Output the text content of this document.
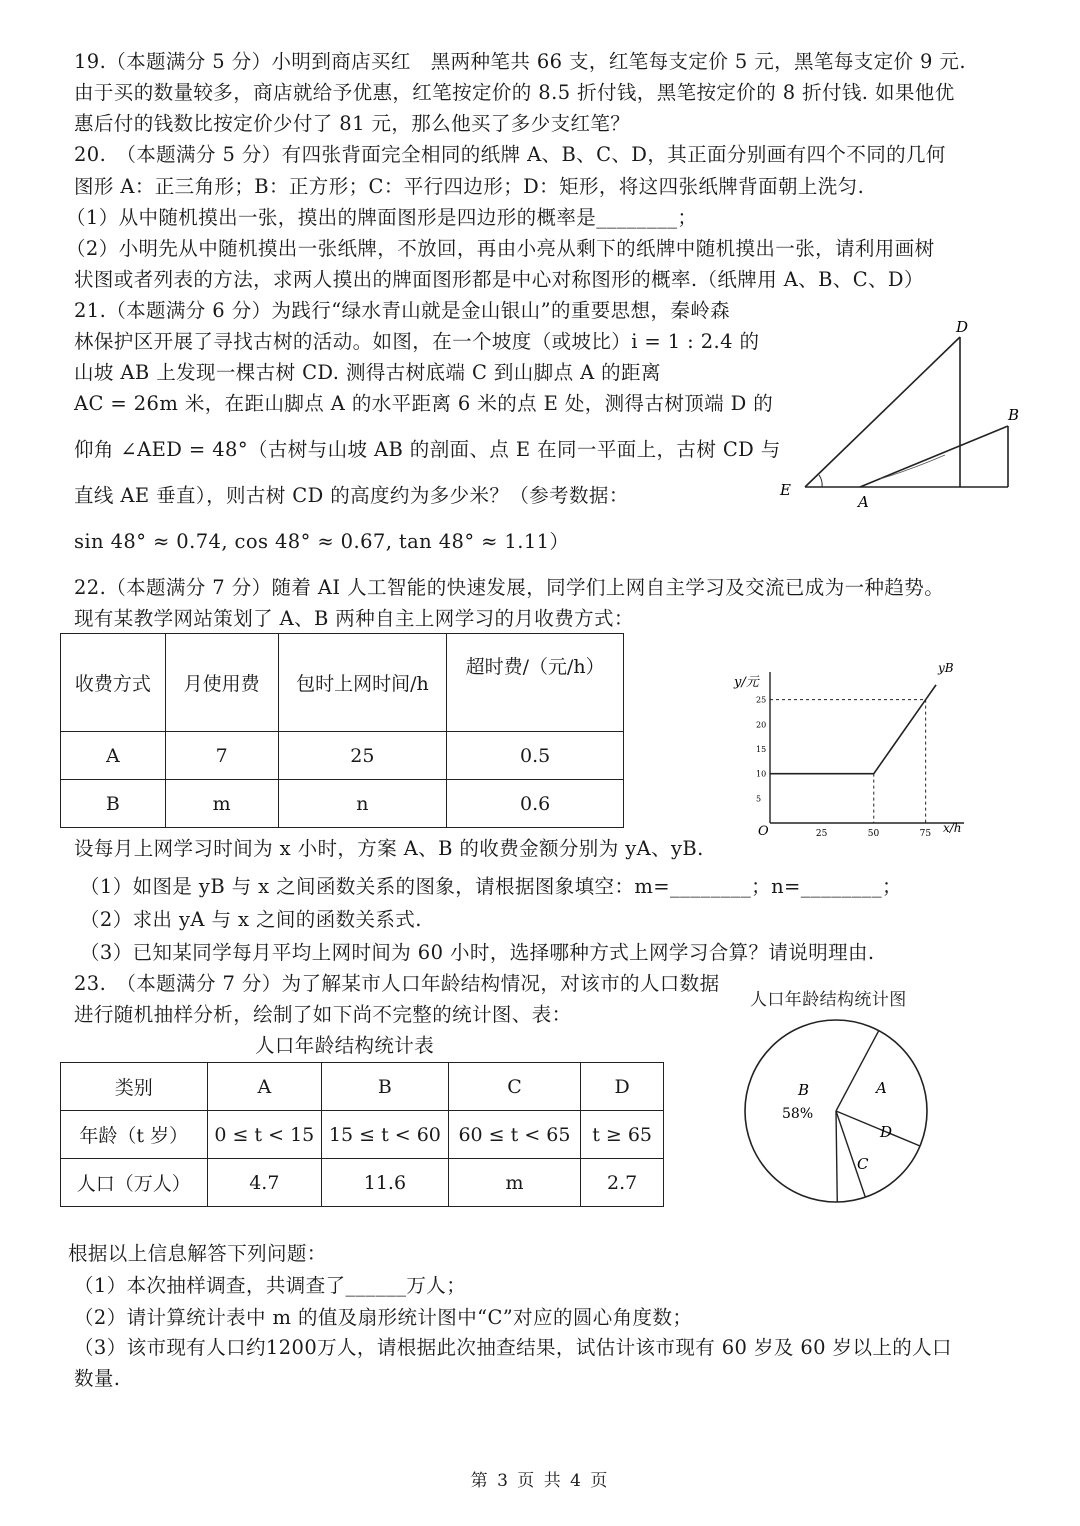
19.（本题满分 5 分）小明到商店买红　黑两种笔共 66 支，红笔每支定价 5 元，黑笔每支定价 9 元.
由于买的数量较多，商店就给予优惠，红笔按定价的 8.5 折付钱，黑笔按定价的 8 折付钱. 如果他优
惠后付的钱数比按定价少付了 81 元，那么他买了多少支红笔？
20.　（本题满分 5 分）有四张背面完全相同的纸牌 A、B、C、D，其正面分别画有四个不同的几何
图形 A：正三角形；B：正方形；C：平行四边形；D：矩形，将这四张纸牌背面朝上洗匀.
（1）从中随机摸出一张，摸出的牌面图形是四边形的概率是________；
（2）小明先从中随机摸出一张纸牌，不放回，再由小亮从剩下的纸牌中随机摸出一张，请利用画树
状图或者列表的方法，求两人摸出的牌面图形都是中心对称图形的概率.（纸牌用 A、B、C、D）
21.（本题满分 6 分）为践行“绿水青山就是金山银山”的重要思想，秦岭森
林保护区开展了寻找古树的活动。如图，在一个坡度（或坡比）i = 1 : 2.4 的
山坡 AB 上发现一棵古树 CD. 测得古树底端 C 到山脚点 A 的距离
AC = 26m 米，在距山脚点 A 的水平距离 6 米的点 E 处，测得古树顶端 D 的
仰角 ∠AED = 48°（古树与山坡 AB 的剖面、点 E 在同一平面上，古树 CD 与
直线 AE 垂直），则古树 CD 的高度约为多少米？（参考数据：
sin 48° ≈ 0.74, cos 48° ≈ 0.67, tan 48° ≈ 1.11）
D
B
E
A
22.（本题满分 7 分）随着 AI 人工智能的快速发展，同学们上网自主学习及交流已成为一种趋势。
现有某教学网站策划了 A、B 两种自主上网学习的月收费方式：
收费方式	月使用费	包时上网时间/h	超时费/（元/h）
A	7	25	0.5
B	m	n	0.6
y/元
x/h
O
5
10
15
20
25
25	50	75
yB
设每月上网学习时间为 x 小时，方案 A、B 的收费金额分别为 yA、yB.
（1）如图是 yB 与 x 之间函数关系的图象，请根据图象填空：m=________；n=________；
（2）求出 yA 与 x 之间的函数关系式.
（3）已知某同学每月平均上网时间为 60 小时，选择哪种方式上网学习合算？请说明理由.
23.　（本题满分 7 分）为了解某市人口年龄结构情况，对该市的人口数据
进行随机抽样分析，绘制了如下尚不完整的统计图、表：
人口年龄结构统计表
人口年龄结构统计图
类别	A	B	C	D
年龄（t 岁）	0 ≤ t < 15	15 ≤ t < 60	60 ≤ t < 65	t ≥ 65
人口（万人）	4.7	11.6	m	2.7
B
58%
A
D
C
根据以上信息解答下列问题：
（1）本次抽样调查，共调查了______万人；
（2）请计算统计表中 m 的值及扇形统计图中“C”对应的圆心角度数；
（3）该市现有人口约1200万人，请根据此次抽查结果，试估计该市现有 60 岁及 60 岁以上的人口
数量.
第 3 页 共 4 页
